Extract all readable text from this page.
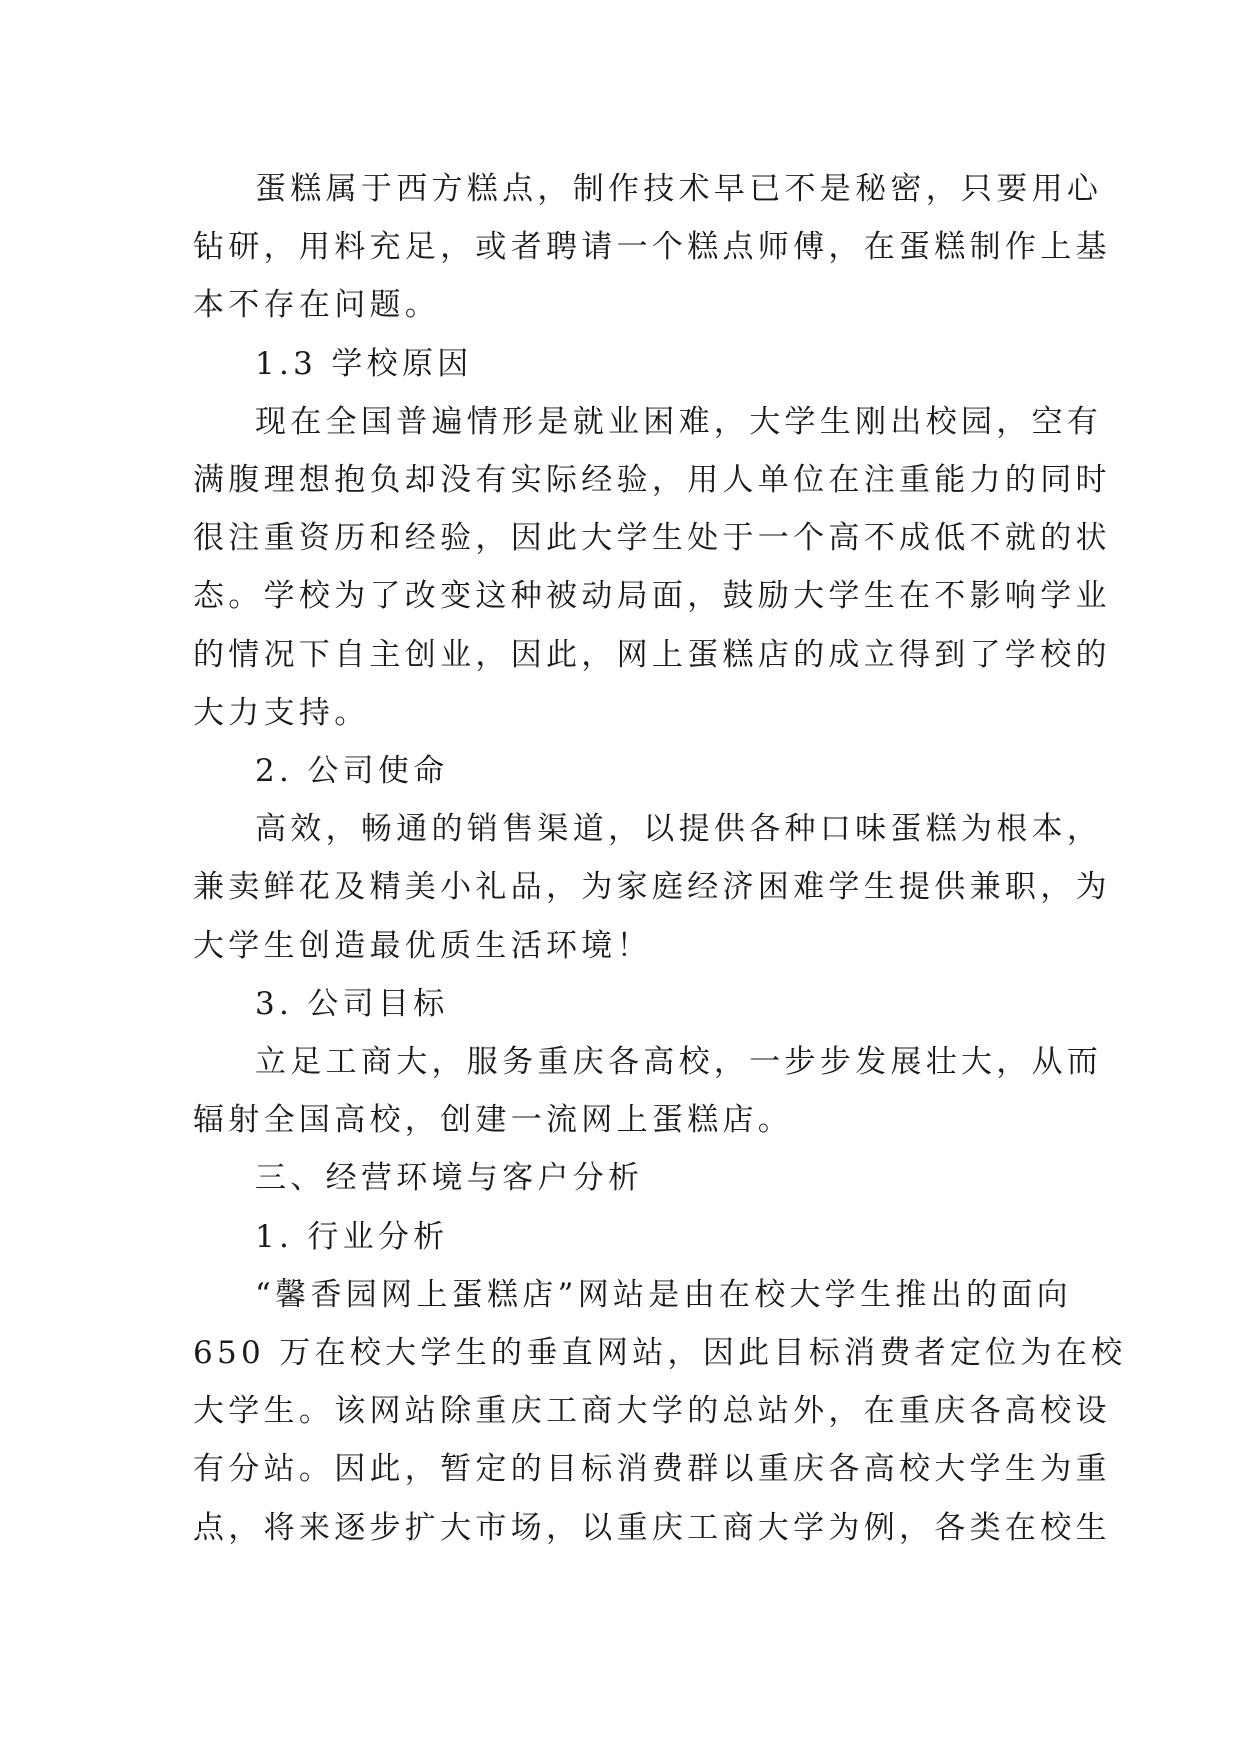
蛋糕属于西方糕点，制作技术早已不是秘密，只要用心
钻研，用料充足，或者聘请一个糕点师傅，在蛋糕制作上基
本不存在问题。
1.3 学校原因
现在全国普遍情形是就业困难，大学生刚出校园，空有
满腹理想抱负却没有实际经验，用人单位在注重能力的同时
很注重资历和经验，因此大学生处于一个高不成低不就的状
态。学校为了改变这种被动局面，鼓励大学生在不影响学业
的情况下自主创业，因此，网上蛋糕店的成立得到了学校的
大力支持。
2. 公司使命
高效，畅通的销售渠道，以提供各种口味蛋糕为根本，
兼卖鲜花及精美小礼品，为家庭经济困难学生提供兼职，为
大学生创造最优质生活环境！
3. 公司目标
立足工商大，服务重庆各高校，一步步发展壮大，从而
辐射全国高校，创建一流网上蛋糕店。
三、经营环境与客户分析
1. 行业分析
“馨香园网上蛋糕店”网站是由在校大学生推出的面向
650 万在校大学生的垂直网站，因此目标消费者定位为在校
大学生。该网站除重庆工商大学的总站外，在重庆各高校设
有分站。因此，暂定的目标消费群以重庆各高校大学生为重
点，将来逐步扩大市场，以重庆工商大学为例，各类在校生
